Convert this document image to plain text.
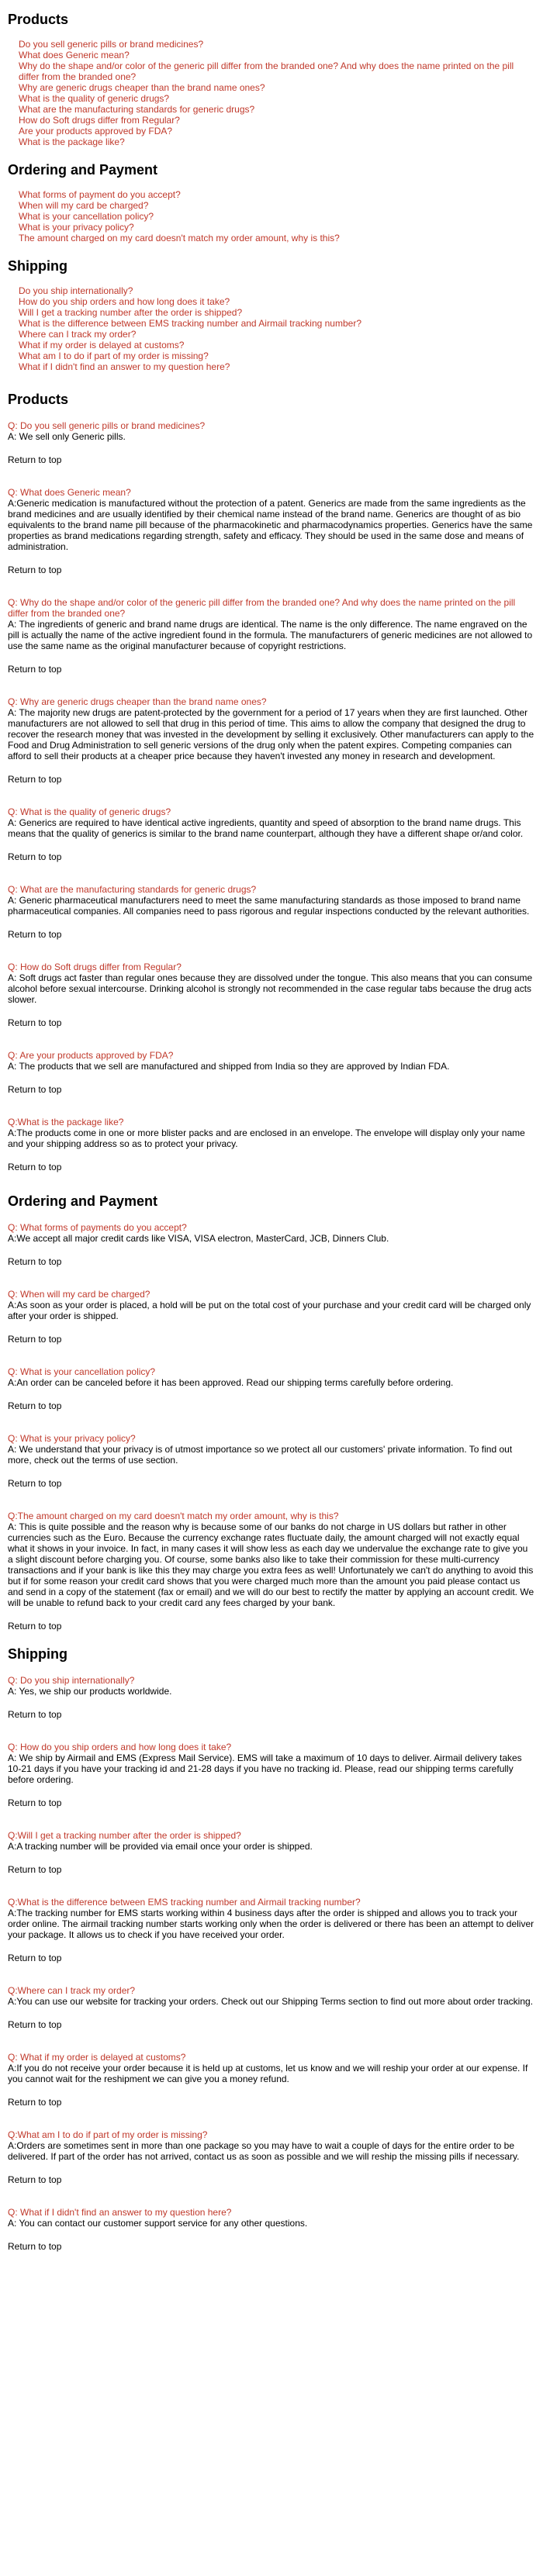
Products
Do you sell generic pills or brand medicines?
What does Generic mean?
Why do the shape and/or color of the generic pill differ from the branded one? And why does the name printed on the pill differ from the branded one?
Why are generic drugs cheaper than the brand name ones?
What is the quality of generic drugs?
What are the manufacturing standards for generic drugs?
How do Soft drugs differ from Regular?
Are your products approved by FDA?
What is the package like?
Ordering and Payment
What forms of payment do you accept?
When will my card be charged?
What is your cancellation policy?
What is your privacy policy?
The amount charged on my card doesn't match my order amount, why is this?
Shipping
Do you ship internationally?
How do you ship orders and how long does it take?
Will I get a tracking number after the order is shipped?
What is the difference between EMS tracking number and Airmail tracking number?
Where can I track my order?
What if my order is delayed at customs?
What am I to do if part of my order is missing?
What if I didn't find an answer to my question here?
Products
Q: Do you sell generic pills or brand medicines?
A: We sell only Generic pills.
Return to top
Q: What does Generic mean?
A:Generic medication is manufactured without the protection of a patent. Generics are made from the same ingredients as the brand medicines and are usually identified by their chemical name instead of the brand name. Generics are thought of as bio equivalents to the brand name pill because of the pharmacokinetic and pharmacodynamics properties. Generics have the same properties as brand medications regarding strength, safety and efficacy. They should be used in the same dose and means of administration.
Return to top
Q: Why do the shape and/or color of the generic pill differ from the branded one? And why does the name printed on the pill differ from the branded one?
A: The ingredients of generic and brand name drugs are identical. The name is the only difference. The name engraved on the pill is actually the name of the active ingredient found in the formula. The manufacturers of generic medicines are not allowed to use the same name as the original manufacturer because of copyright restrictions.
Return to top
Q: Why are generic drugs cheaper than the brand name ones?
A: The majority new drugs are patent-protected by the government for a period of 17 years when they are first launched. Other manufacturers are not allowed to sell that drug in this period of time. This aims to allow the company that designed the drug to recover the research money that was invested in the development by selling it exclusively. Other manufacturers can apply to the Food and Drug Administration to sell generic versions of the drug only when the patent expires. Competing companies can afford to sell their products at a cheaper price because they haven't invested any money in research and development.
Return to top
Q: What is the quality of generic drugs?
A: Generics are required to have identical active ingredients, quantity and speed of absorption to the brand name drugs. This means that the quality of generics is similar to the brand name counterpart, although they have a different shape or/and color.
Return to top
Q: What are the manufacturing standards for generic drugs?
A: Generic pharmaceutical manufacturers need to meet the same manufacturing standards as those imposed to brand name pharmaceutical companies. All companies need to pass rigorous and regular inspections conducted by the relevant authorities.
Return to top
Q: How do Soft drugs differ from Regular?
A: Soft drugs act faster than regular ones because they are dissolved under the tongue. This also means that you can consume alcohol before sexual intercourse. Drinking alcohol is strongly not recommended in the case regular tabs because the drug acts slower.
Return to top
Q: Are your products approved by FDA?
A: The products that we sell are manufactured and shipped from India so they are approved by Indian FDA.
Return to top
Q:What is the package like?
A:The products come in one or more blister packs and are enclosed in an envelope. The envelope will display only your name and your shipping address so as to protect your privacy.
Return to top
Ordering and Payment
Q: What forms of payments do you accept?
A:We accept all major credit cards like VISA, VISA electron, MasterCard, JCB, Dinners Club.
Return to top
Q: When will my card be charged?
A:As soon as your order is placed, a hold will be put on the total cost of your purchase and your credit card will be charged only after your order is shipped.
Return to top
Q: What is your cancellation policy?
A:An order can be canceled before it has been approved. Read our shipping terms carefully before ordering.
Return to top
Q: What is your privacy policy?
A: We understand that your privacy is of utmost importance so we protect all our customers' private information. To find out more, check out the terms of use section.
Return to top
Q:The amount charged on my card doesn't match my order amount, why is this?
A: This is quite possible and the reason why is because some of our banks do not charge in US dollars but rather in other currencies such as the Euro. Because the currency exchange rates fluctuate daily, the amount charged will not exactly equal what it shows in your invoice. In fact, in many cases it will show less as each day we undervalue the exchange rate to give you a slight discount before charging you. Of course, some banks also like to take their commission for these multi-currency transactions and if your bank is like this they may charge you extra fees as well! Unfortunately we can't do anything to avoid this but if for some reason your credit card shows that you were charged much more than the amount you paid please contact us and send in a copy of the statement (fax or email) and we will do our best to rectify the matter by applying an account credit. We will be unable to refund back to your credit card any fees charged by your bank.
Return to top
Shipping
Q: Do you ship internationally?
A: Yes, we ship our products worldwide.
Return to top
Q: How do you ship orders and how long does it take?
A: We ship by Airmail and EMS (Express Mail Service). EMS will take a maximum of 10 days to deliver. Airmail delivery takes 10-21 days if you have your tracking id and 21-28 days if you have no tracking id. Please, read our shipping terms carefully before ordering.
Return to top
Q:Will I get a tracking number after the order is shipped?
A:A tracking number will be provided via email once your order is shipped.
Return to top
Q:What is the difference between EMS tracking number and Airmail tracking number?
A:The tracking number for EMS starts working within 4 business days after the order is shipped and allows you to track your order online. The airmail tracking number starts working only when the order is delivered or there has been an attempt to deliver your package. It allows us to check if you have received your order.
Return to top
Q:Where can I track my order?
A:You can use our website for tracking your orders. Check out our Shipping Terms section to find out more about order tracking.
Return to top
Q: What if my order is delayed at customs?
A:If you do not receive your order because it is held up at customs, let us know and we will reship your order at our expense. If you cannot wait for the reshipment we can give you a money refund.
Return to top
Q:What am I to do if part of my order is missing?
A:Orders are sometimes sent in more than one package so you may have to wait a couple of days for the entire order to be delivered. If part of the order has not arrived, contact us as soon as possible and we will reship the missing pills if necessary.
Return to top
Q: What if I didn't find an answer to my question here?
A: You can contact our customer support service for any other questions.
Return to top
